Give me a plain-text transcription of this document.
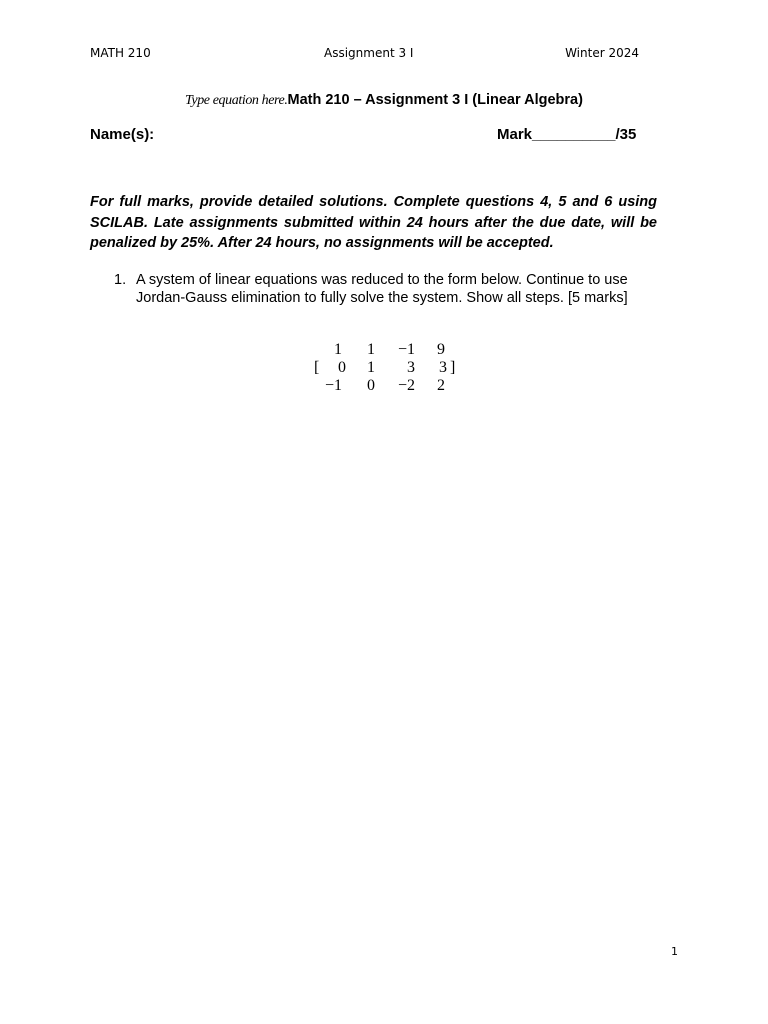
MATH 210	Assignment 3 I	Winter 2024
Type equation here.Math 210 – Assignment 3 I (Linear Algebra)
Name(s):	Mark__________/35
For full marks, provide detailed solutions. Complete questions 4, 5 and 6 using SCILAB. Late assignments submitted within 24 hours after the due date, will be penalized by 25%. After 24 hours, no assignments will be accepted.
1. A system of linear equations was reduced to the form below. Continue to use Jordan-Gauss elimination to fully solve the system. Show all steps. [5 marks]
[	]
1	1	−1	9
0	1	3	3
−1	0	−2	2
1
